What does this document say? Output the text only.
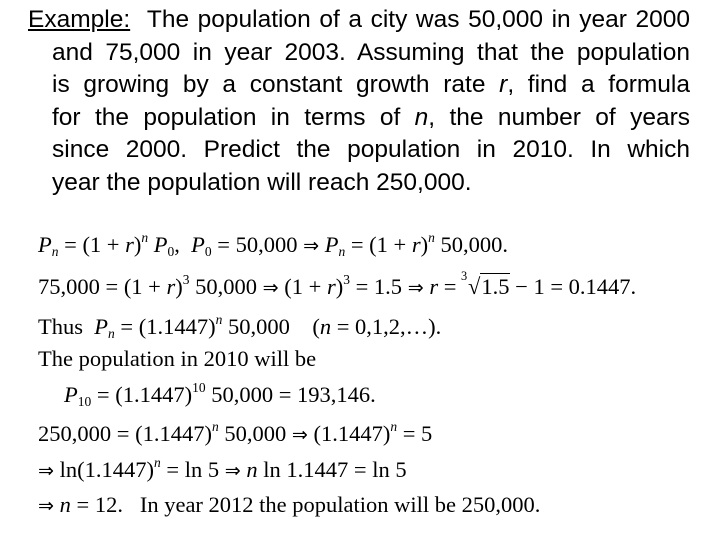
Example: The population of a city was 50,000 in year 2000
and 75,000 in year 2003. Assuming that the population
is growing by a constant growth rate r, find a formula
for the population in terms of n, the number of years
since 2000. Predict the population in 2010. In which
year the population will reach 250,000.
$P_n = (1 + r)^n$ $P_0$,  $P_0 = 50,000$ ⇒ $P_n = (1 + r)^n$ 50,000.
$75,000 = (1 + r)^3$ 50,000 ⇒ $(1 + r)^3 = 1.5$ ⇒ r = 3 √1.5 − 1 = 0.1447.
Thus $P_n = (1.1447)^n$ 50,000    (n = 0,1,2,…).
The population in 2010 will be
$P_{10} = (1.1447)^{10}$ 50,000 = 193,146.
$250,000 = (1.1447)^n$ 50,000 ⇒ $(1.1447)^n = 5$
⇒ $\ln(1.1447)^n = \ln 5$ ⇒ n ln 1.1447 = ln 5
⇒ n = 12. In year 2012 the population will be 250,000.
